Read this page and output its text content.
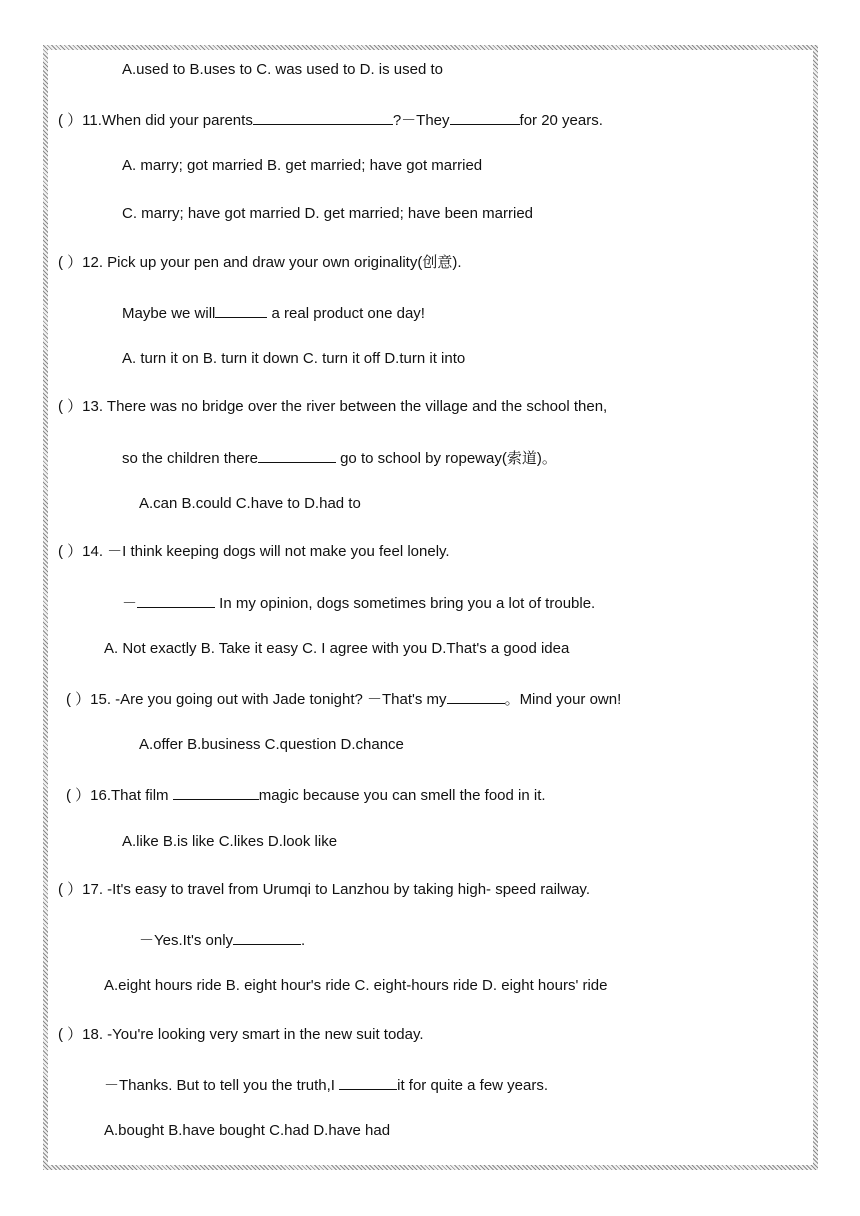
A.used to B.uses to C. was used to D. is used to
( ）11.When did your parents	?－They	for 20 years.
A. marry; got married B. get married; have got married
C. marry; have got married D. get married; have been married
( ）12. Pick up your pen and draw your own originality(创意).
Maybe we will	a real product one day!
A. turn it on B. turn it down C. turn it off D.turn it into
( ）13. There was no bridge over the river between the village and the school then,
so the children there	go to school by ropeway(索道)。
A.can B.could C.have to D.had to
( ）14. －I think keeping dogs will not make you feel lonely.
－	In my opinion, dogs sometimes bring you a lot of trouble.
A. Not exactly B. Take it easy C. I agree with you D.That's a good idea
( ）15. -Are you going out with Jade tonight? －That's my	。Mind your own!
A.offer B.business C.question D.chance
( ）16.That film	magic because you can smell the food in it.
A.like B.is like C.likes D.look like
( ）17. -It's easy to travel from Urumqi to Lanzhou by taking high- speed railway.
－Yes.It's only	.
A.eight hours ride B. eight hour's ride C. eight-hours ride D. eight hours' ride
( ）18. -You're looking very smart in the new suit today.
－Thanks. But to tell you the truth,I	it for quite a few years.
A.bought B.have bought C.had D.have had
